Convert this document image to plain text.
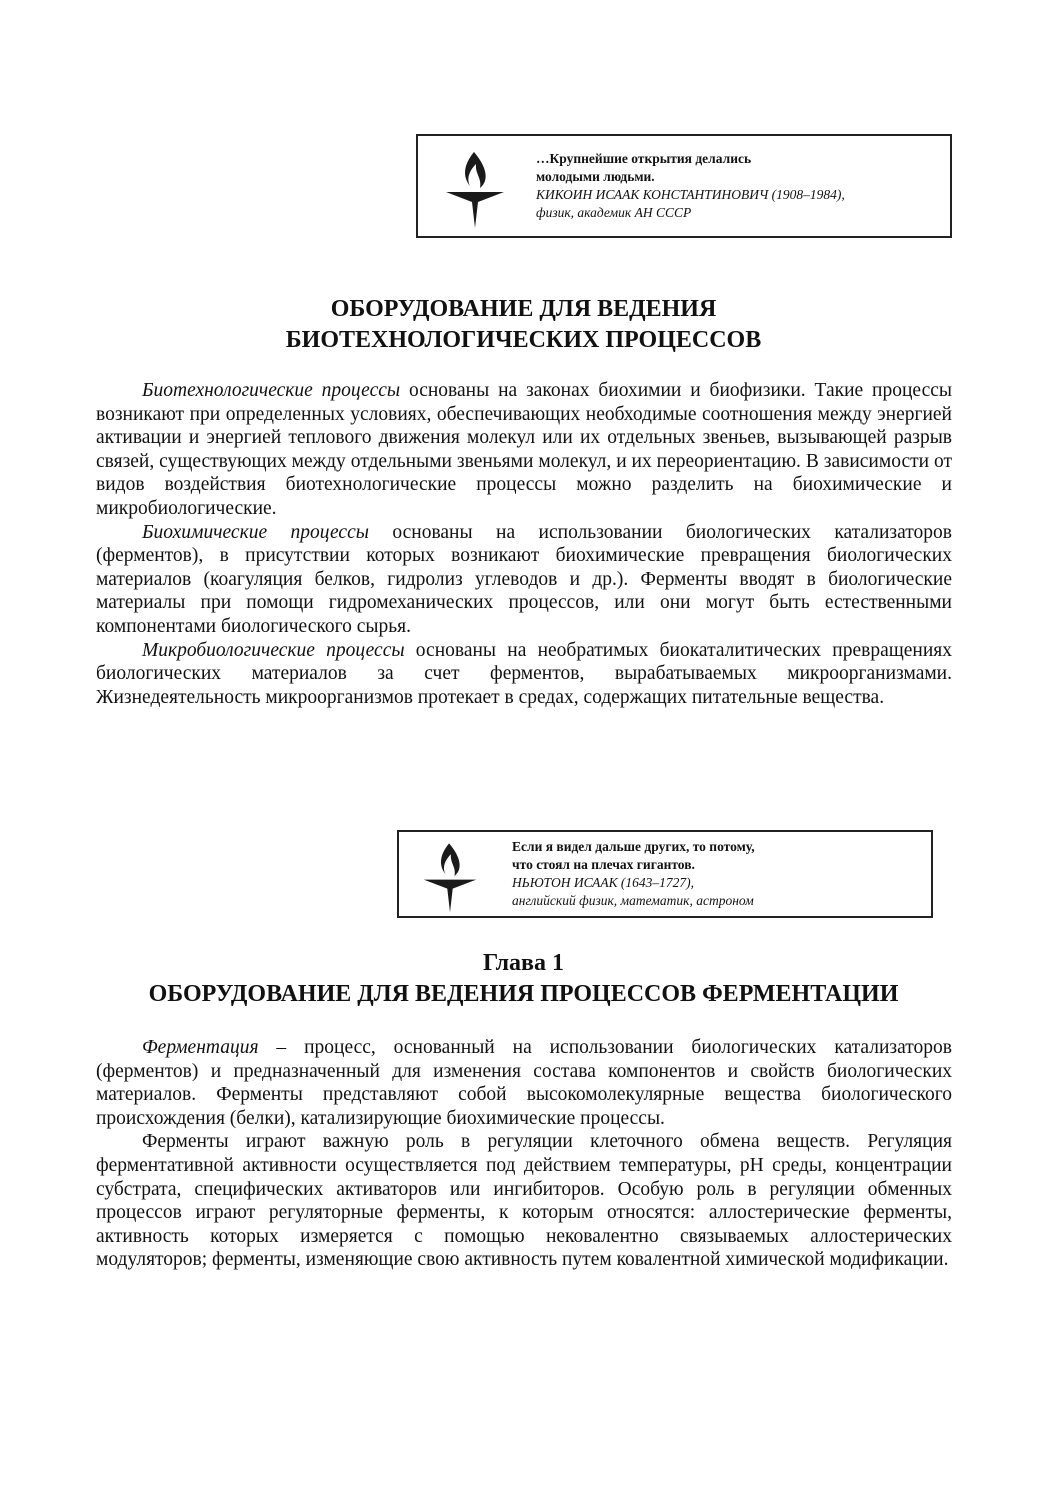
…Крупнейшие открытия делались
молодыми людьми.
КИКОИН ИСААК КОНСТАНТИНОВИЧ (1908–1984),
физик, академик АН СССР
ОБОРУДОВАНИЕ ДЛЯ ВЕДЕНИЯ
БИОТЕХНОЛОГИЧЕСКИХ ПРОЦЕССОВ

Биотехнологические процессы основаны на законах биохимии и биофизики. Такие процессы возникают при определенных условиях, обеспечивающих необходимые соотношения между энергией активации и энергией теплового движения молекул или их отдельных звеньев, вызывающей разрыв связей, существующих между отдельными звеньями молекул, и их переориентацию. В зависимости от видов воздействия биотехнологические процессы можно разделить на биохимические и микробиологические.

Биохимические процессы основаны на использовании биологических катализаторов (ферментов), в присутствии которых возникают биохимические превращения биологических материалов (коагуляция белков, гидролиз углеводов и др.). Ферменты вводят в биологические материалы при помощи гидромеханических процессов, или они могут быть естественными компонентами биологического сырья.

Микробиологические процессы основаны на необратимых биокаталитических превращениях биологических материалов за счет ферментов, вырабатываемых микроорганизмами. Жизнедеятельность микроорганизмов протекает в средах, содержащих питательные вещества.

Если я видел дальше других, то потому,
что стоял на плечах гигантов.
НЬЮТОН ИСААК (1643–1727),
английский физик, математик, астроном
Глава 1
ОБОРУДОВАНИЕ ДЛЯ ВЕДЕНИЯ ПРОЦЕССОВ ФЕРМЕНТАЦИИ

Ферментация – процесс, основанный на использовании биологических катализаторов (ферментов) и предназначенный для изменения состава компонентов и свойств биологических материалов. Ферменты представляют собой высокомолекулярные вещества биологического происхождения (белки), катализирующие биохимические процессы.

Ферменты играют важную роль в регуляции клеточного обмена веществ. Регуляция ферментативной активности осуществляется под действием температуры, pH среды, концентрации субстрата, специфических активаторов или ингибиторов. Особую роль в регуляции обменных процессов играют регуляторные ферменты, к которым относятся: аллостерические ферменты, активность которых измеряется с помощью нековалентно связываемых аллостерических модуляторов; ферменты, изменяющие свою активность путем ковалентной химической модификации.
